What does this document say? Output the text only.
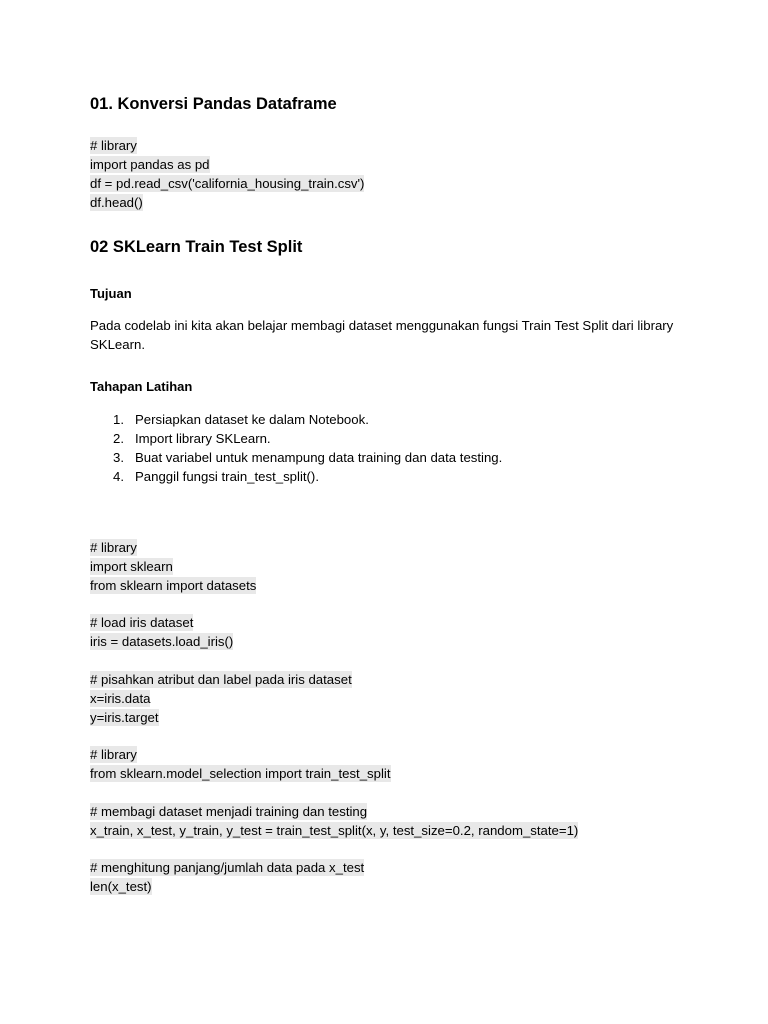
01. Konversi Pandas Dataframe
# library
import pandas as pd
df = pd.read_csv('california_housing_train.csv')
df.head()
02 SKLearn Train Test Split
Tujuan

Pada codelab ini kita akan belajar membagi dataset menggunakan fungsi Train Test Split dari library SKLearn.

Tahapan Latihan
1. Persiapkan dataset ke dalam Notebook.
2. Import library SKLearn.
3. Buat variabel untuk menampung data training dan data testing.
4. Panggil fungsi train_test_split().
# library
import sklearn
from sklearn import datasets
# load iris dataset
iris = datasets.load_iris()
# pisahkan atribut dan label pada iris dataset
x=iris.data
y=iris.target
# library
from sklearn.model_selection import train_test_split
# membagi dataset menjadi training dan testing
x_train, x_test, y_train, y_test = train_test_split(x, y, test_size=0.2, random_state=1)
# menghitung panjang/jumlah data pada x_test
len(x_test)
